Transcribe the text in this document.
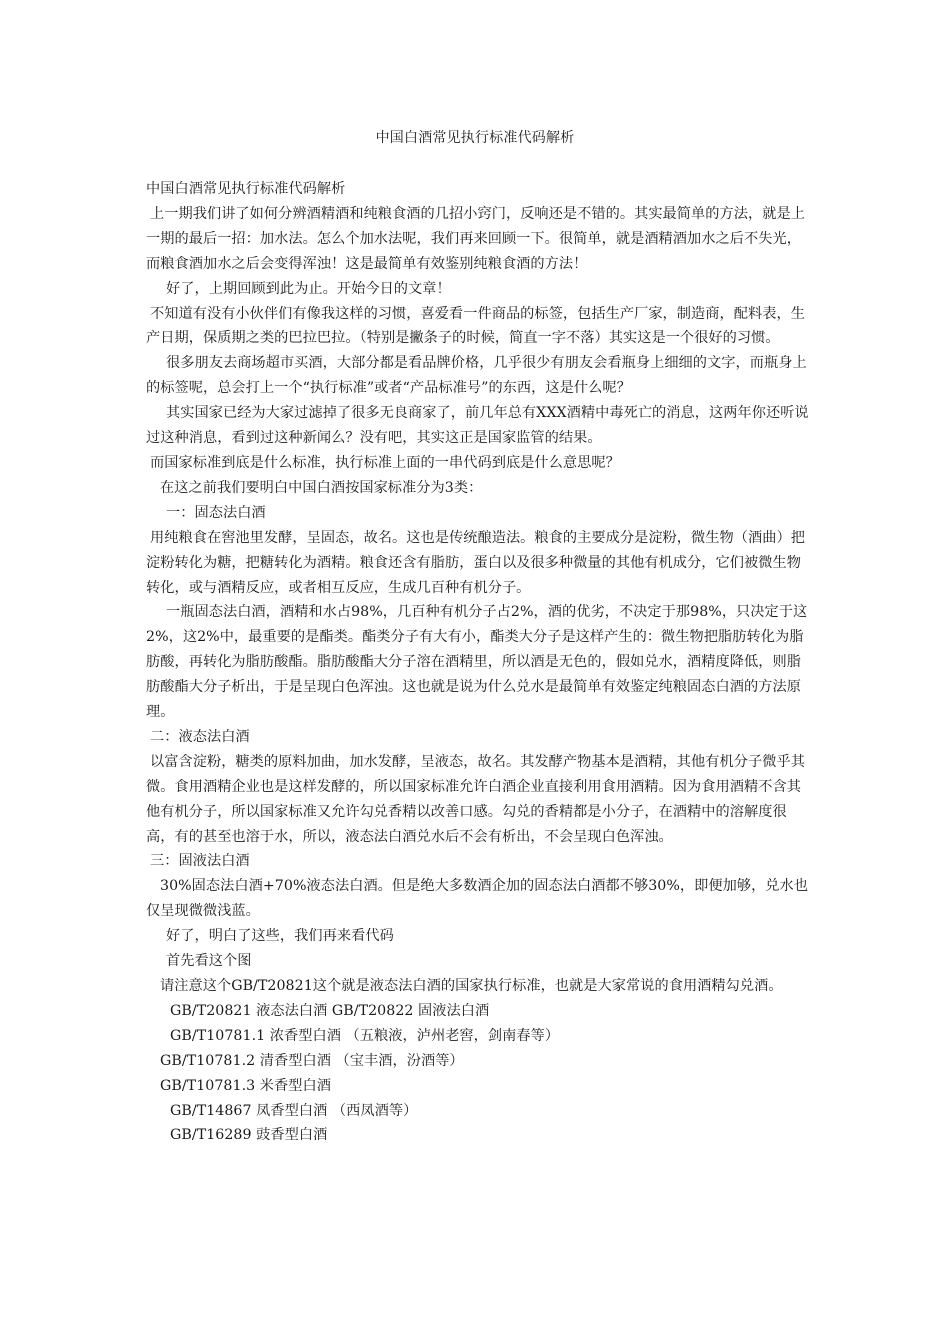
中国白酒常见执行标准代码解析

中国白酒常见执行标准代码解析

上一期我们讲了如何分辨酒精酒和纯粮食酒的几招小窍门，反响还是不错的。其实最简单的方法，就是上一期的最后一招：加水法。怎么个加水法呢，我们再来回顾一下。很简单，就是酒精酒加水之后不失光，而粮食酒加水之后会变得浑浊！这是最简单有效鉴别纯粮食酒的方法！

好了，上期回顾到此为止。开始今日的文章！

不知道有没有小伙伴们有像我这样的习惯，喜爱看一件商品的标签，包括生产厂家，制造商，配料表，生产日期，保质期之类的巴拉巴拉。（特别是撇条子的时候，简直一字不落）其实这是一个很好的习惯。

很多朋友去商场超市买酒，大部分都是看品牌价格，几乎很少有朋友会看瓶身上细细的文字，而瓶身上的标签呢，总会打上一个“执行标准”或者“产品标准号”的东西，这是什么呢？

其实国家已经为大家过滤掉了很多无良商家了，前几年总有XXX酒精中毒死亡的消息，这两年你还听说过这种消息，看到过这种新闻么？没有吧，其实这正是国家监管的结果。

而国家标准到底是什么标准，执行标准上面的一串代码到底是什么意思呢？

在这之前我们要明白中国白酒按国家标准分为3类：

一：固态法白酒

用纯粮食在窖池里发酵，呈固态，故名。这也是传统酿造法。粮食的主要成分是淀粉，微生物（酒曲）把淀粉转化为糖，把糖转化为酒精。粮食还含有脂肪，蛋白以及很多种微量的其他有机成分，它们被微生物转化，或与酒精反应，或者相互反应，生成几百种有机分子。

一瓶固态法白酒，酒精和水占98%，几百种有机分子占2%，酒的优劣，不决定于那98%，只决定于这2%，这2%中，最重要的是酯类。酯类分子有大有小，酯类大分子是这样产生的：微生物把脂肪转化为脂肪酸，再转化为脂肪酸酯。脂肪酸酯大分子溶在酒精里，所以酒是无色的，假如兑水，酒精度降低，则脂肪酸酯大分子析出，于是呈现白色浑浊。这也就是说为什么兑水是最简单有效鉴定纯粮固态白酒的方法原理。

二：液态法白酒

以富含淀粉，糖类的原料加曲，加水发酵，呈液态，故名。其发酵产物基本是酒精，其他有机分子微乎其微。食用酒精企业也是这样发酵的，所以国家标准允许白酒企业直接利用食用酒精。因为食用酒精不含其他有机分子，所以国家标准又允许勾兑香精以改善口感。勾兑的香精都是小分子，在酒精中的溶解度很高，有的甚至也溶于水，所以，液态法白酒兑水后不会有析出，不会呈现白色浑浊。

三：固液法白酒

30%固态法白酒+70%液态法白酒。但是绝大多数酒企加的固态法白酒都不够30%，即便加够，兑水也仅呈现微微浅蓝。

好了，明白了这些，我们再来看代码

首先看这个图

请注意这个GB/T20821这个就是液态法白酒的国家执行标准，也就是大家常说的食用酒精勾兑酒。

GB/T20821 液态法白酒 GB/T20822 固液法白酒

GB/T10781.1 浓香型白酒 （五粮液，泸州老窖，剑南春等）

GB/T10781.2 清香型白酒 （宝丰酒，汾酒等）

GB/T10781.3 米香型白酒

GB/T14867 凤香型白酒 （西凤酒等）

GB/T16289 豉香型白酒
